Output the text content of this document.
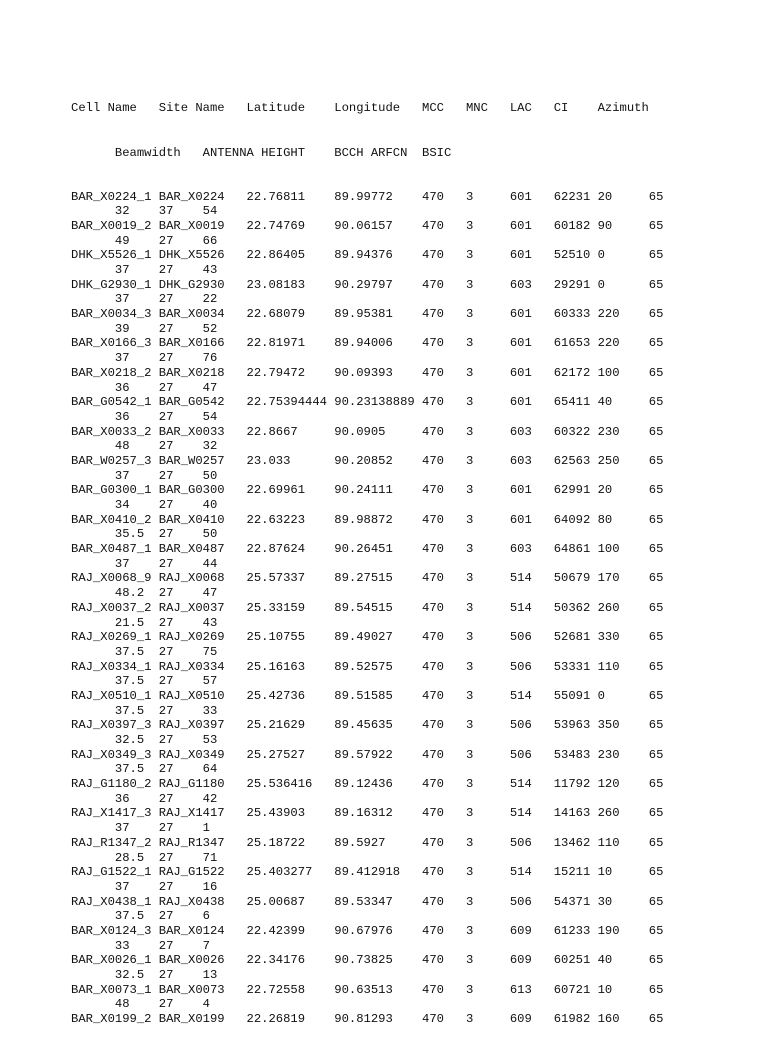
Cell Name   Site Name   Latitude    Longitude   MCC   MNC   LAC   CI    Azimuth

Beamwidth   ANTENNA HEIGHT    BCCH ARFCN  BSIC

BAR_X0224_1 BAR_X0224   22.76811    89.99772    470   3     601   62231 20     65
32    37    54
BAR_X0019_2 BAR_X0019   22.74769    90.06157    470   3     601   60182 90     65
49    27    66
DHK_X5526_1 DHK_X5526   22.86405    89.94376    470   3     601   52510 0      65
37    27    43
DHK_G2930_1 DHK_G2930   23.08183    90.29797    470   3     603   29291 0      65
37    27    22
BAR_X0034_3 BAR_X0034   22.68079    89.95381    470   3     601   60333 220    65
39    27    52
BAR_X0166_3 BAR_X0166   22.81971    89.94006    470   3     601   61653 220    65
37    27    76
BAR_X0218_2 BAR_X0218   22.79472    90.09393    470   3     601   62172 100    65
36    27    47
BAR_G0542_1 BAR_G0542   22.75394444 90.23138889 470   3     601   65411 40     65
36    27    54
BAR_X0033_2 BAR_X0033   22.8667     90.0905     470   3     603   60322 230    65
48    27    32
BAR_W0257_3 BAR_W0257   23.033      90.20852    470   3     603   62563 250    65
37    27    50
BAR_G0300_1 BAR_G0300   22.69961    90.24111    470   3     601   62991 20     65
34    27    40
BAR_X0410_2 BAR_X0410   22.63223    89.98872    470   3     601   64092 80     65
35.5  27    50
BAR_X0487_1 BAR_X0487   22.87624    90.26451    470   3     603   64861 100    65
37    27    44
RAJ_X0068_9 RAJ_X0068   25.57337    89.27515    470   3     514   50679 170    65
48.2  27    47
RAJ_X0037_2 RAJ_X0037   25.33159    89.54515    470   3     514   50362 260    65
21.5  27    43
RAJ_X0269_1 RAJ_X0269   25.10755    89.49027    470   3     506   52681 330    65
37.5  27    75
RAJ_X0334_1 RAJ_X0334   25.16163    89.52575    470   3     506   53331 110    65
37.5  27    57
RAJ_X0510_1 RAJ_X0510   25.42736    89.51585    470   3     514   55091 0      65
37.5  27    33
RAJ_X0397_3 RAJ_X0397   25.21629    89.45635    470   3     506   53963 350    65
32.5  27    53
RAJ_X0349_3 RAJ_X0349   25.27527    89.57922    470   3     506   53483 230    65
37.5  27    64
RAJ_G1180_2 RAJ_G1180   25.536416   89.12436    470   3     514   11792 120    65
36    27    42
RAJ_X1417_3 RAJ_X1417   25.43903    89.16312    470   3     514   14163 260    65
37    27    1
RAJ_R1347_2 RAJ_R1347   25.18722    89.5927     470   3     506   13462 110    65
28.5  27    71
RAJ_G1522_1 RAJ_G1522   25.403277   89.412918   470   3     514   15211 10     65
37    27    16
RAJ_X0438_1 RAJ_X0438   25.00687    89.53347    470   3     506   54371 30     65
37.5  27    6
BAR_X0124_3 BAR_X0124   22.42399    90.67976    470   3     609   61233 190    65
33    27    7
BAR_X0026_1 BAR_X0026   22.34176    90.73825    470   3     609   60251 40     65
32.5  27    13
BAR_X0073_1 BAR_X0073   22.72558    90.63513    470   3     613   60721 10     65
48    27    4
BAR_X0199_2 BAR_X0199   22.26819    90.81293    470   3     609   61982 160    65
